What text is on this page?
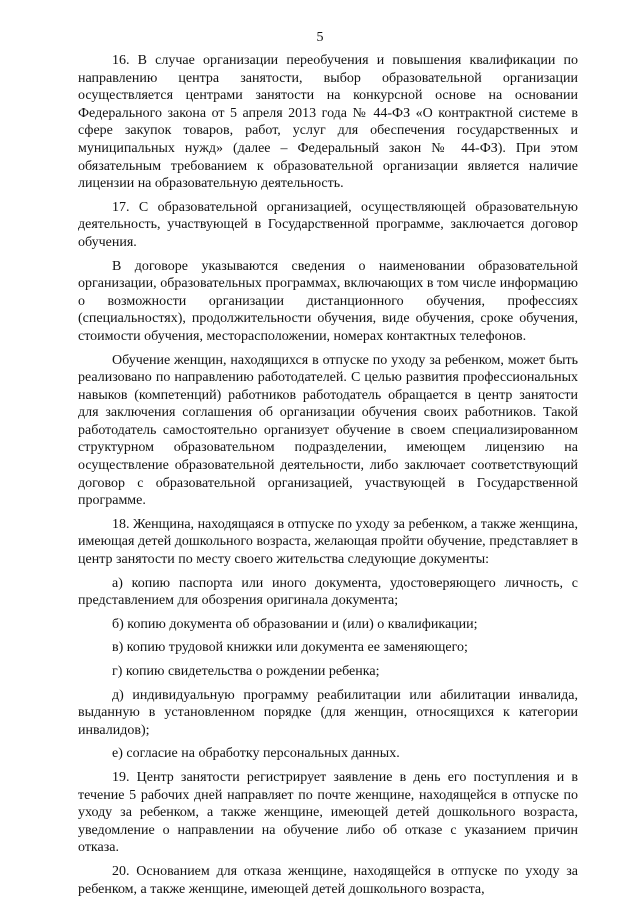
5

16. В случае организации переобучения и повышения квалификации по направлению центра занятости, выбор образовательной организации осуществляется центрами занятости на конкурсной основе на основании Федерального закона от 5 апреля 2013 года № 44-ФЗ «О контрактной системе в сфере закупок товаров, работ, услуг для обеспечения государственных и муниципальных нужд» (далее – Федеральный закон № 44-ФЗ). При этом обязательным требованием к образовательной организации является наличие лицензии на образовательную деятельность.

17. С образовательной организацией, осуществляющей образовательную деятельность, участвующей в Государственной программе, заключается договор обучения.

В договоре указываются сведения о наименовании образовательной организации, образовательных программах, включающих в том числе информацию о возможности организации дистанционного обучения, профессиях (специальностях), продолжительности обучения, виде обучения, сроке обучения, стоимости обучения, месторасположении, номерах контактных телефонов.

Обучение женщин, находящихся в отпуске по уходу за ребенком, может быть реализовано по направлению работодателей. С целью развития профессиональных навыков (компетенций) работников работодатель обращается в центр занятости для заключения соглашения об организации обучения своих работников. Такой работодатель самостоятельно организует обучение в своем специализированном структурном образовательном подразделении, имеющем лицензию на осуществление образовательной деятельности, либо заключает соответствующий договор с образовательной организацией, участвующей в Государственной программе.

18. Женщина, находящаяся в отпуске по уходу за ребенком, а также женщина, имеющая детей дошкольного возраста, желающая пройти обучение, представляет в центр занятости по месту своего жительства следующие документы:

а) копию паспорта или иного документа, удостоверяющего личность, с представлением для обозрения оригинала документа;

б) копию документа об образовании и (или) о квалификации;

в) копию трудовой книжки или документа ее заменяющего;

г) копию свидетельства о рождении ребенка;

д) индивидуальную программу реабилитации или абилитации инвалида, выданную в установленном порядке (для женщин, относящихся к категории инвалидов);

е) согласие на обработку персональных данных.

19. Центр занятости регистрирует заявление в день его поступления и в течение 5 рабочих дней направляет по почте женщине, находящейся в отпуске по уходу за ребенком, а также женщине, имеющей детей дошкольного возраста, уведомление о направлении на обучение либо об отказе с указанием причин отказа.

20. Основанием для отказа женщине, находящейся в отпуске по уходу за ребенком, а также женщине, имеющей детей дошкольного возраста,
